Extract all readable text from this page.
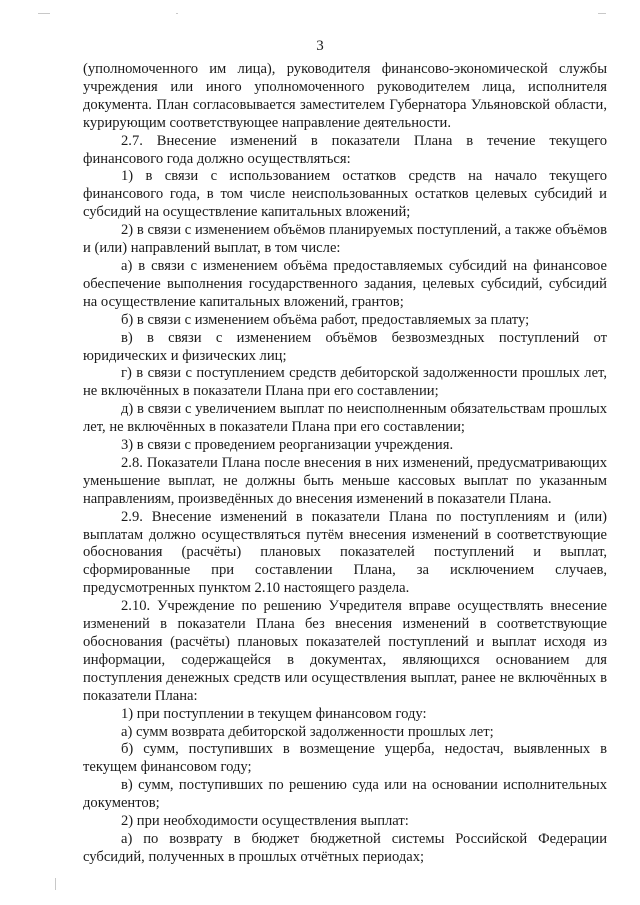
3

(уполномоченного им лица), руководителя финансово-экономической службы учреждения или иного уполномоченного руководителем лица, исполнителя документа. План согласовывается заместителем Губернатора Ульяновской области, курирующим соответствующее направление деятельности.

2.7. Внесение изменений в показатели Плана в течение текущего финансового года должно осуществляться:

1) в связи с использованием остатков средств на начало текущего финансового года, в том числе неиспользованных остатков целевых субсидий и субсидий на осуществление капитальных вложений;

2) в связи с изменением объёмов планируемых поступлений, а также объёмов и (или) направлений выплат, в том числе:

а) в связи с изменением объёма предоставляемых субсидий на финансовое обеспечение выполнения государственного задания, целевых субсидий, субсидий на осуществление капитальных вложений, грантов;

б) в связи с изменением объёма работ, предоставляемых за плату;

в) в связи с изменением объёмов безвозмездных поступлений от юридических и физических лиц;

г) в связи с поступлением средств дебиторской задолженности прошлых лет, не включённых в показатели Плана при его составлении;

д) в связи с увеличением выплат по неисполненным обязательствам прошлых лет, не включённых в показатели Плана при его составлении;

3) в связи с проведением реорганизации учреждения.

2.8. Показатели Плана после внесения в них изменений, предусматривающих уменьшение выплат, не должны быть меньше кассовых выплат по указанным направлениям, произведённых до внесения изменений в показатели Плана.

2.9. Внесение изменений в показатели Плана по поступлениям и (или) выплатам должно осуществляться путём внесения изменений в соответствующие обоснования (расчёты) плановых показателей поступлений и выплат, сформированные при составлении Плана, за исключением случаев, предусмотренных пунктом 2.10 настоящего раздела.

2.10. Учреждение по решению Учредителя вправе осуществлять внесение изменений в показатели Плана без внесения изменений в соответствующие обоснования (расчёты) плановых показателей поступлений и выплат исходя из информации, содержащейся в документах, являющихся основанием для поступления денежных средств или осуществления выплат, ранее не включённых в показатели Плана:

1) при поступлении в текущем финансовом году:

а) сумм возврата дебиторской задолженности прошлых лет;

б) сумм, поступивших в возмещение ущерба, недостач, выявленных в текущем финансовом году;

в) сумм, поступивших по решению суда или на основании исполнительных документов;

2) при необходимости осуществления выплат:

а) по возврату в бюджет бюджетной системы Российской Федерации субсидий, полученных в прошлых отчётных периодах;
